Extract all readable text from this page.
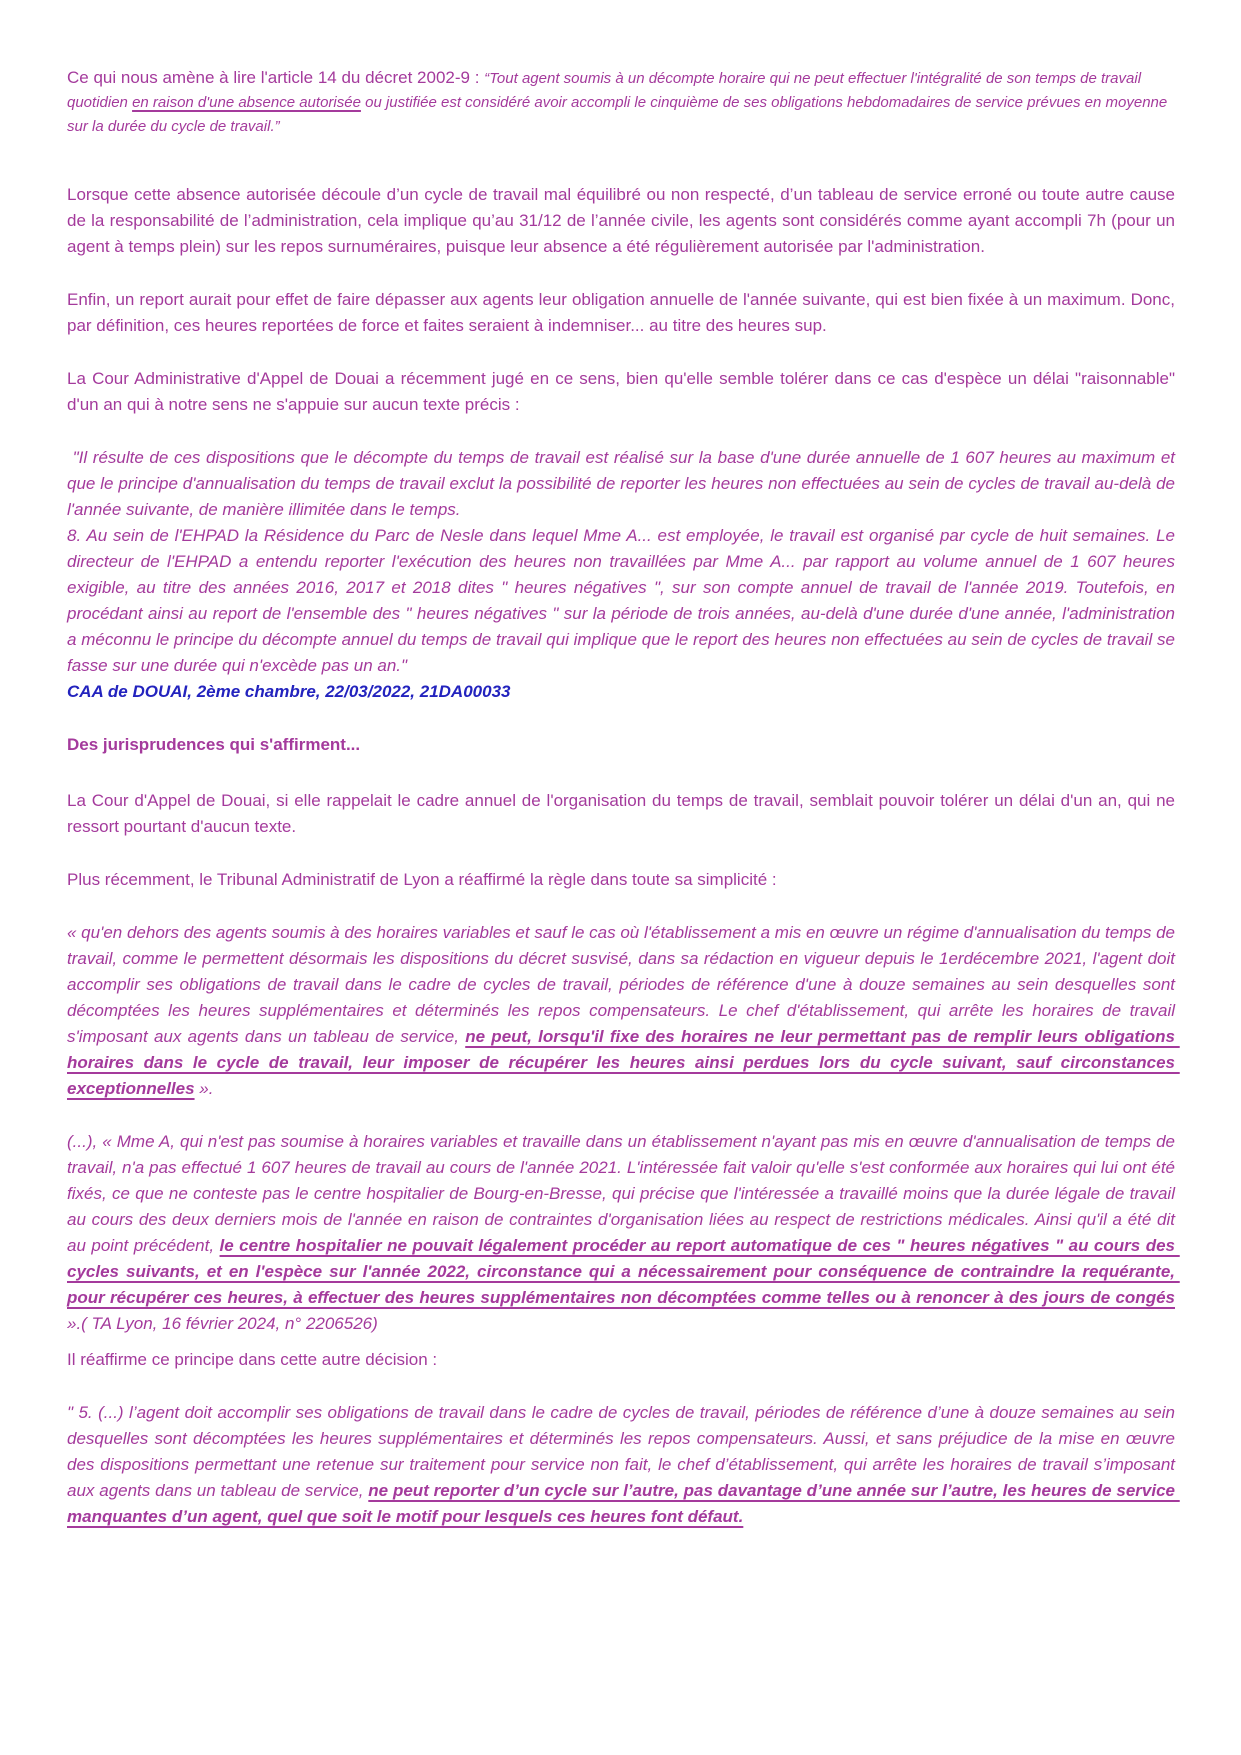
Ce qui nous amène à lire l'article 14 du décret 2002-9 : “Tout agent soumis à un décompte horaire qui ne peut effectuer l'intégralité de son temps de travail quotidien en raison d'une absence autorisée ou justifiée est considéré avoir accompli le cinquième de ses obligations hebdomadaires de service prévues en moyenne sur la durée du cycle de travail.”
Lorsque cette absence autorisée découle d’un cycle de travail mal équilibré ou non respecté, d’un tableau de service erroné ou toute autre cause de la responsabilité de l’administration, cela implique qu’au 31/12 de l’année civile, les agents sont considérés comme ayant accompli 7h (pour un agent à temps plein) sur les repos surnuméraires, puisque leur absence a été régulièrement autorisée par l'administration.
Enfin, un report aurait pour effet de faire dépasser aux agents leur obligation annuelle de l'année suivante, qui est bien fixée à un maximum. Donc, par définition, ces heures reportées de force et faites seraient à indemniser... au titre des heures sup.
La Cour Administrative d'Appel de Douai a récemment jugé en ce sens, bien qu'elle semble tolérer dans ce cas d'espèce un délai "raisonnable" d'un an qui à notre sens ne s'appuie sur aucun texte précis :
"Il résulte de ces dispositions que le décompte du temps de travail est réalisé sur la base d'une durée annuelle de 1 607 heures au maximum et que le principe d'annualisation du temps de travail exclut la possibilité de reporter les heures non effectuées au sein de cycles de travail au-delà de l'année suivante, de manière illimitée dans le temps.
8. Au sein de l'EHPAD la Résidence du Parc de Nesle dans lequel Mme A... est employée, le travail est organisé par cycle de huit semaines. Le directeur de l'EHPAD a entendu reporter l'exécution des heures non travaillées par Mme A... par rapport au volume annuel de 1 607 heures exigible, au titre des années 2016, 2017 et 2018 dites " heures négatives ", sur son compte annuel de travail de l'année 2019. Toutefois, en procédant ainsi au report de l'ensemble des " heures négatives " sur la période de trois années, au-delà d'une durée d'une année, l'administration a méconnu le principe du décompte annuel du temps de travail qui implique que le report des heures non effectuées au sein de cycles de travail se fasse sur une durée qui n'excède pas un an."
CAA de DOUAI, 2ème chambre, 22/03/2022, 21DA00033
Des jurisprudences qui s'affirment...
La Cour d'Appel de Douai, si elle rappelait le cadre annuel de l'organisation du temps de travail, semblait pouvoir tolérer un délai d'un an, qui ne ressort pourtant d'aucun texte.
Plus récemment, le Tribunal Administratif de Lyon a réaffirmé la règle dans toute sa simplicité :
« qu'en dehors des agents soumis à des horaires variables et sauf le cas où l'établissement a mis en œuvre un régime d'annualisation du temps de travail, comme le permettent désormais les dispositions du décret susvisé, dans sa rédaction en vigueur depuis le 1erdécembre 2021, l'agent doit accomplir ses obligations de travail dans le cadre de cycles de travail, périodes de référence d'une à douze semaines au sein desquelles sont décomptées les heures supplémentaires et déterminés les repos compensateurs. Le chef d'établissement, qui arrête les horaires de travail s'imposant aux agents dans un tableau de service, ne peut, lorsqu'il fixe des horaires ne leur permettant pas de remplir leurs obligations horaires dans le cycle de travail, leur imposer de récupérer les heures ainsi perdues lors du cycle suivant, sauf circonstances exceptionnelles ».
(...), « Mme A, qui n'est pas soumise à horaires variables et travaille dans un établissement n'ayant pas mis en œuvre d'annualisation de temps de travail, n'a pas effectué 1 607 heures de travail au cours de l'année 2021. L'intéressée fait valoir qu'elle s'est conformée aux horaires qui lui ont été fixés, ce que ne conteste pas le centre hospitalier de Bourg-en-Bresse, qui précise que l'intéressée a travaillé moins que la durée légale de travail au cours des deux derniers mois de l'année en raison de contraintes d'organisation liées au respect de restrictions médicales. Ainsi qu'il a été dit au point précédent, le centre hospitalier ne pouvait légalement procéder au report automatique de ces " heures négatives " au cours des cycles suivants, et en l'espèce sur l'année 2022, circonstance qui a nécessairement pour conséquence de contraindre la requérante, pour récupérer ces heures, à effectuer des heures supplémentaires non décomptées comme telles ou à renoncer à des jours de congés ».( TA Lyon, 16 février 2024, n° 2206526)
Il réaffirme ce principe dans cette autre décision :
" 5. (...) l’agent doit accomplir ses obligations de travail dans le cadre de cycles de travail, périodes de référence d’une à douze semaines au sein desquelles sont décomptées les heures supplémentaires et déterminés les repos compensateurs. Aussi, et sans préjudice de la mise en œuvre des dispositions permettant une retenue sur traitement pour service non fait, le chef d’établissement, qui arrête les horaires de travail s’imposant aux agents dans un tableau de service, ne peut reporter d’un cycle sur l’autre, pas davantage d’une année sur l’autre, les heures de service manquantes d’un agent, quel que soit le motif pour lesquels ces heures font défaut.
